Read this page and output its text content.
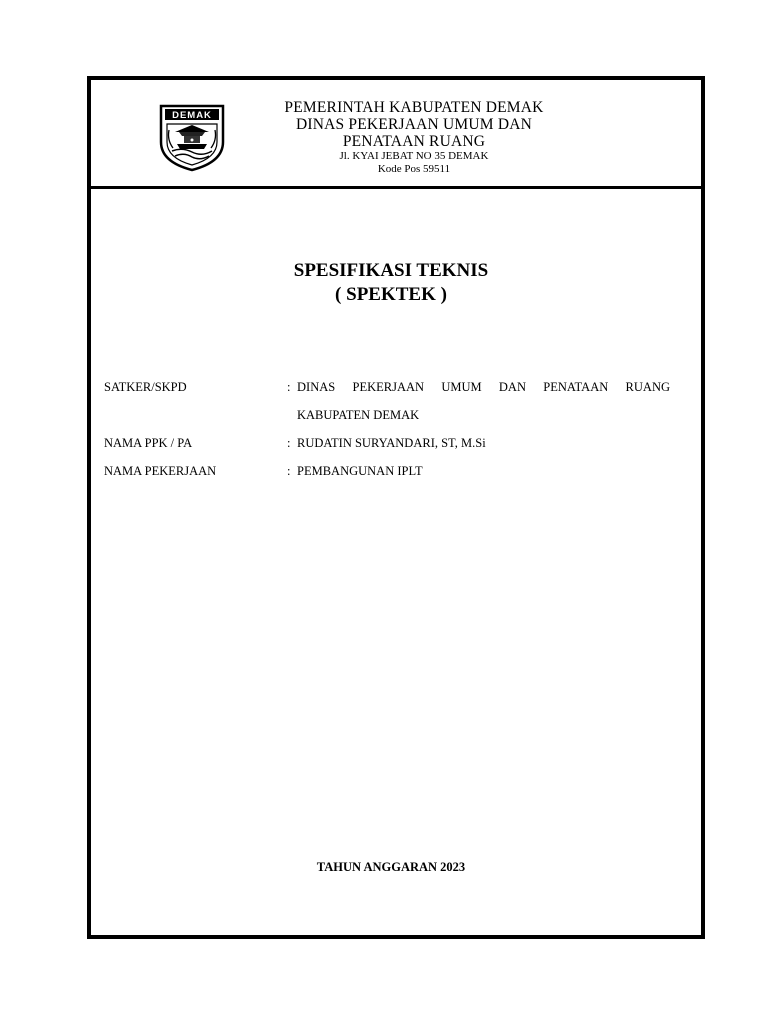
DEMAK	PEMERINTAH KABUPATEN DEMAK
DINAS PEKERJAAN UMUM DAN
PENATAAN RUANG
Jl. KYAI JEBAT NO 35 DEMAK
Kode Pos 59511
SPESIFIKASI TEKNIS
( SPEKTEK )
SATKER/SKPD	: DINAS PEKERJAAN UMUM DAN PENATAAN RUANG
KABUPATEN DEMAK
NAMA PPK / PA	: RUDATIN SURYANDARI, ST, M.Si
NAMA PEKERJAAN	: PEMBANGUNAN IPLT
TAHUN ANGGARAN 2023
